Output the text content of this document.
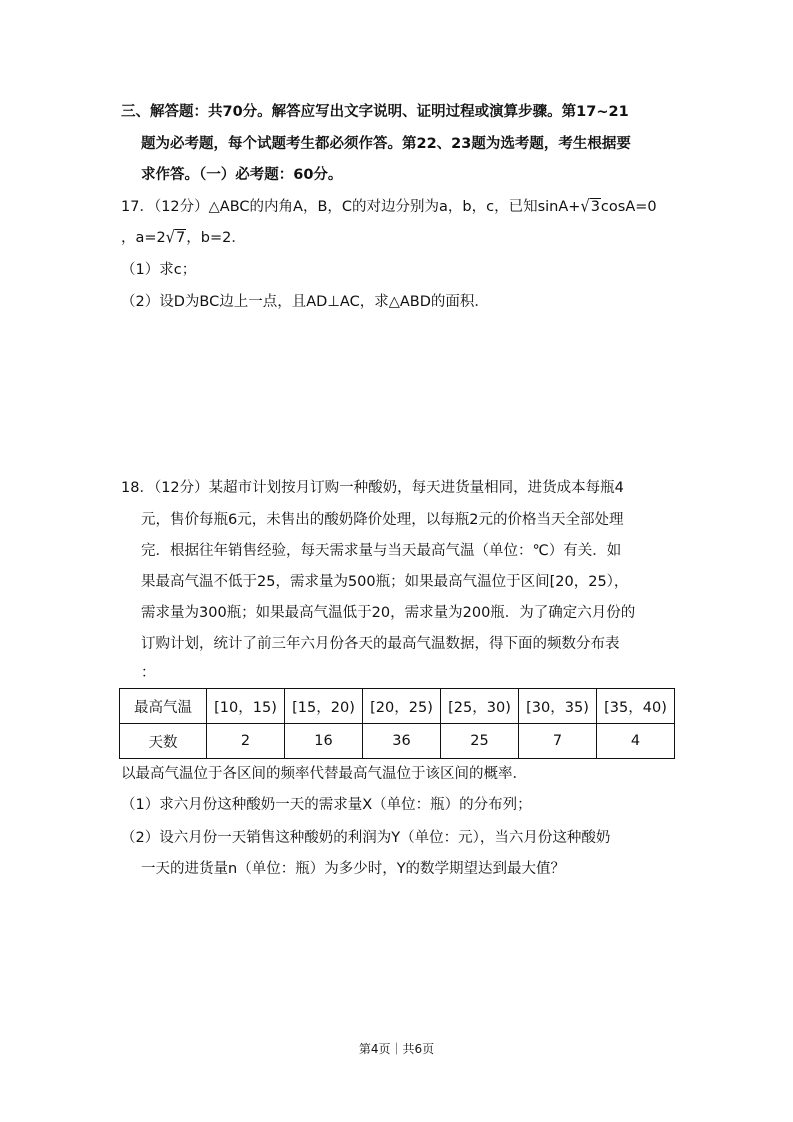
三、解答题：共70分。解答应写出文字说明、证明过程或演算步骤。第17~21
题为必考题，每个试题考生都必须作答。第22、23题为选考题，考生根据要
求作答。（一）必考题：60分。
17．（12分）△ABC的内角A，B，C的对边分别为a，b，c，已知sinA+√3cosA=0
，a=2√7，b=2．
（1）求c；
（2）设D为BC边上一点，且AD⊥AC，求△ABD的面积．
18．（12分）某超市计划按月订购一种酸奶，每天进货量相同，进货成本每瓶4
元，售价每瓶6元，未售出的酸奶降价处理，以每瓶2元的价格当天全部处理
完．根据往年销售经验，每天需求量与当天最高气温（单位：℃）有关．如
果最高气温不低于25，需求量为500瓶；如果最高气温位于区间[20，25），
需求量为300瓶；如果最高气温低于20，需求量为200瓶．为了确定六月份的
订购计划，统计了前三年六月份各天的最高气温数据，得下面的频数分布表
：
最高气温	[10，15)	[15，20)	[20，25)	[25，30)	[30，35)	[35，40)
天数	2	16	36	25	7	4
以最高气温位于各区间的频率代替最高气温位于该区间的概率．
（1）求六月份这种酸奶一天的需求量X（单位：瓶）的分布列；
（2）设六月份一天销售这种酸奶的利润为Y（单位：元），当六月份这种酸奶
一天的进货量n（单位：瓶）为多少时，Y的数学期望达到最大值？
第4页｜共6页
